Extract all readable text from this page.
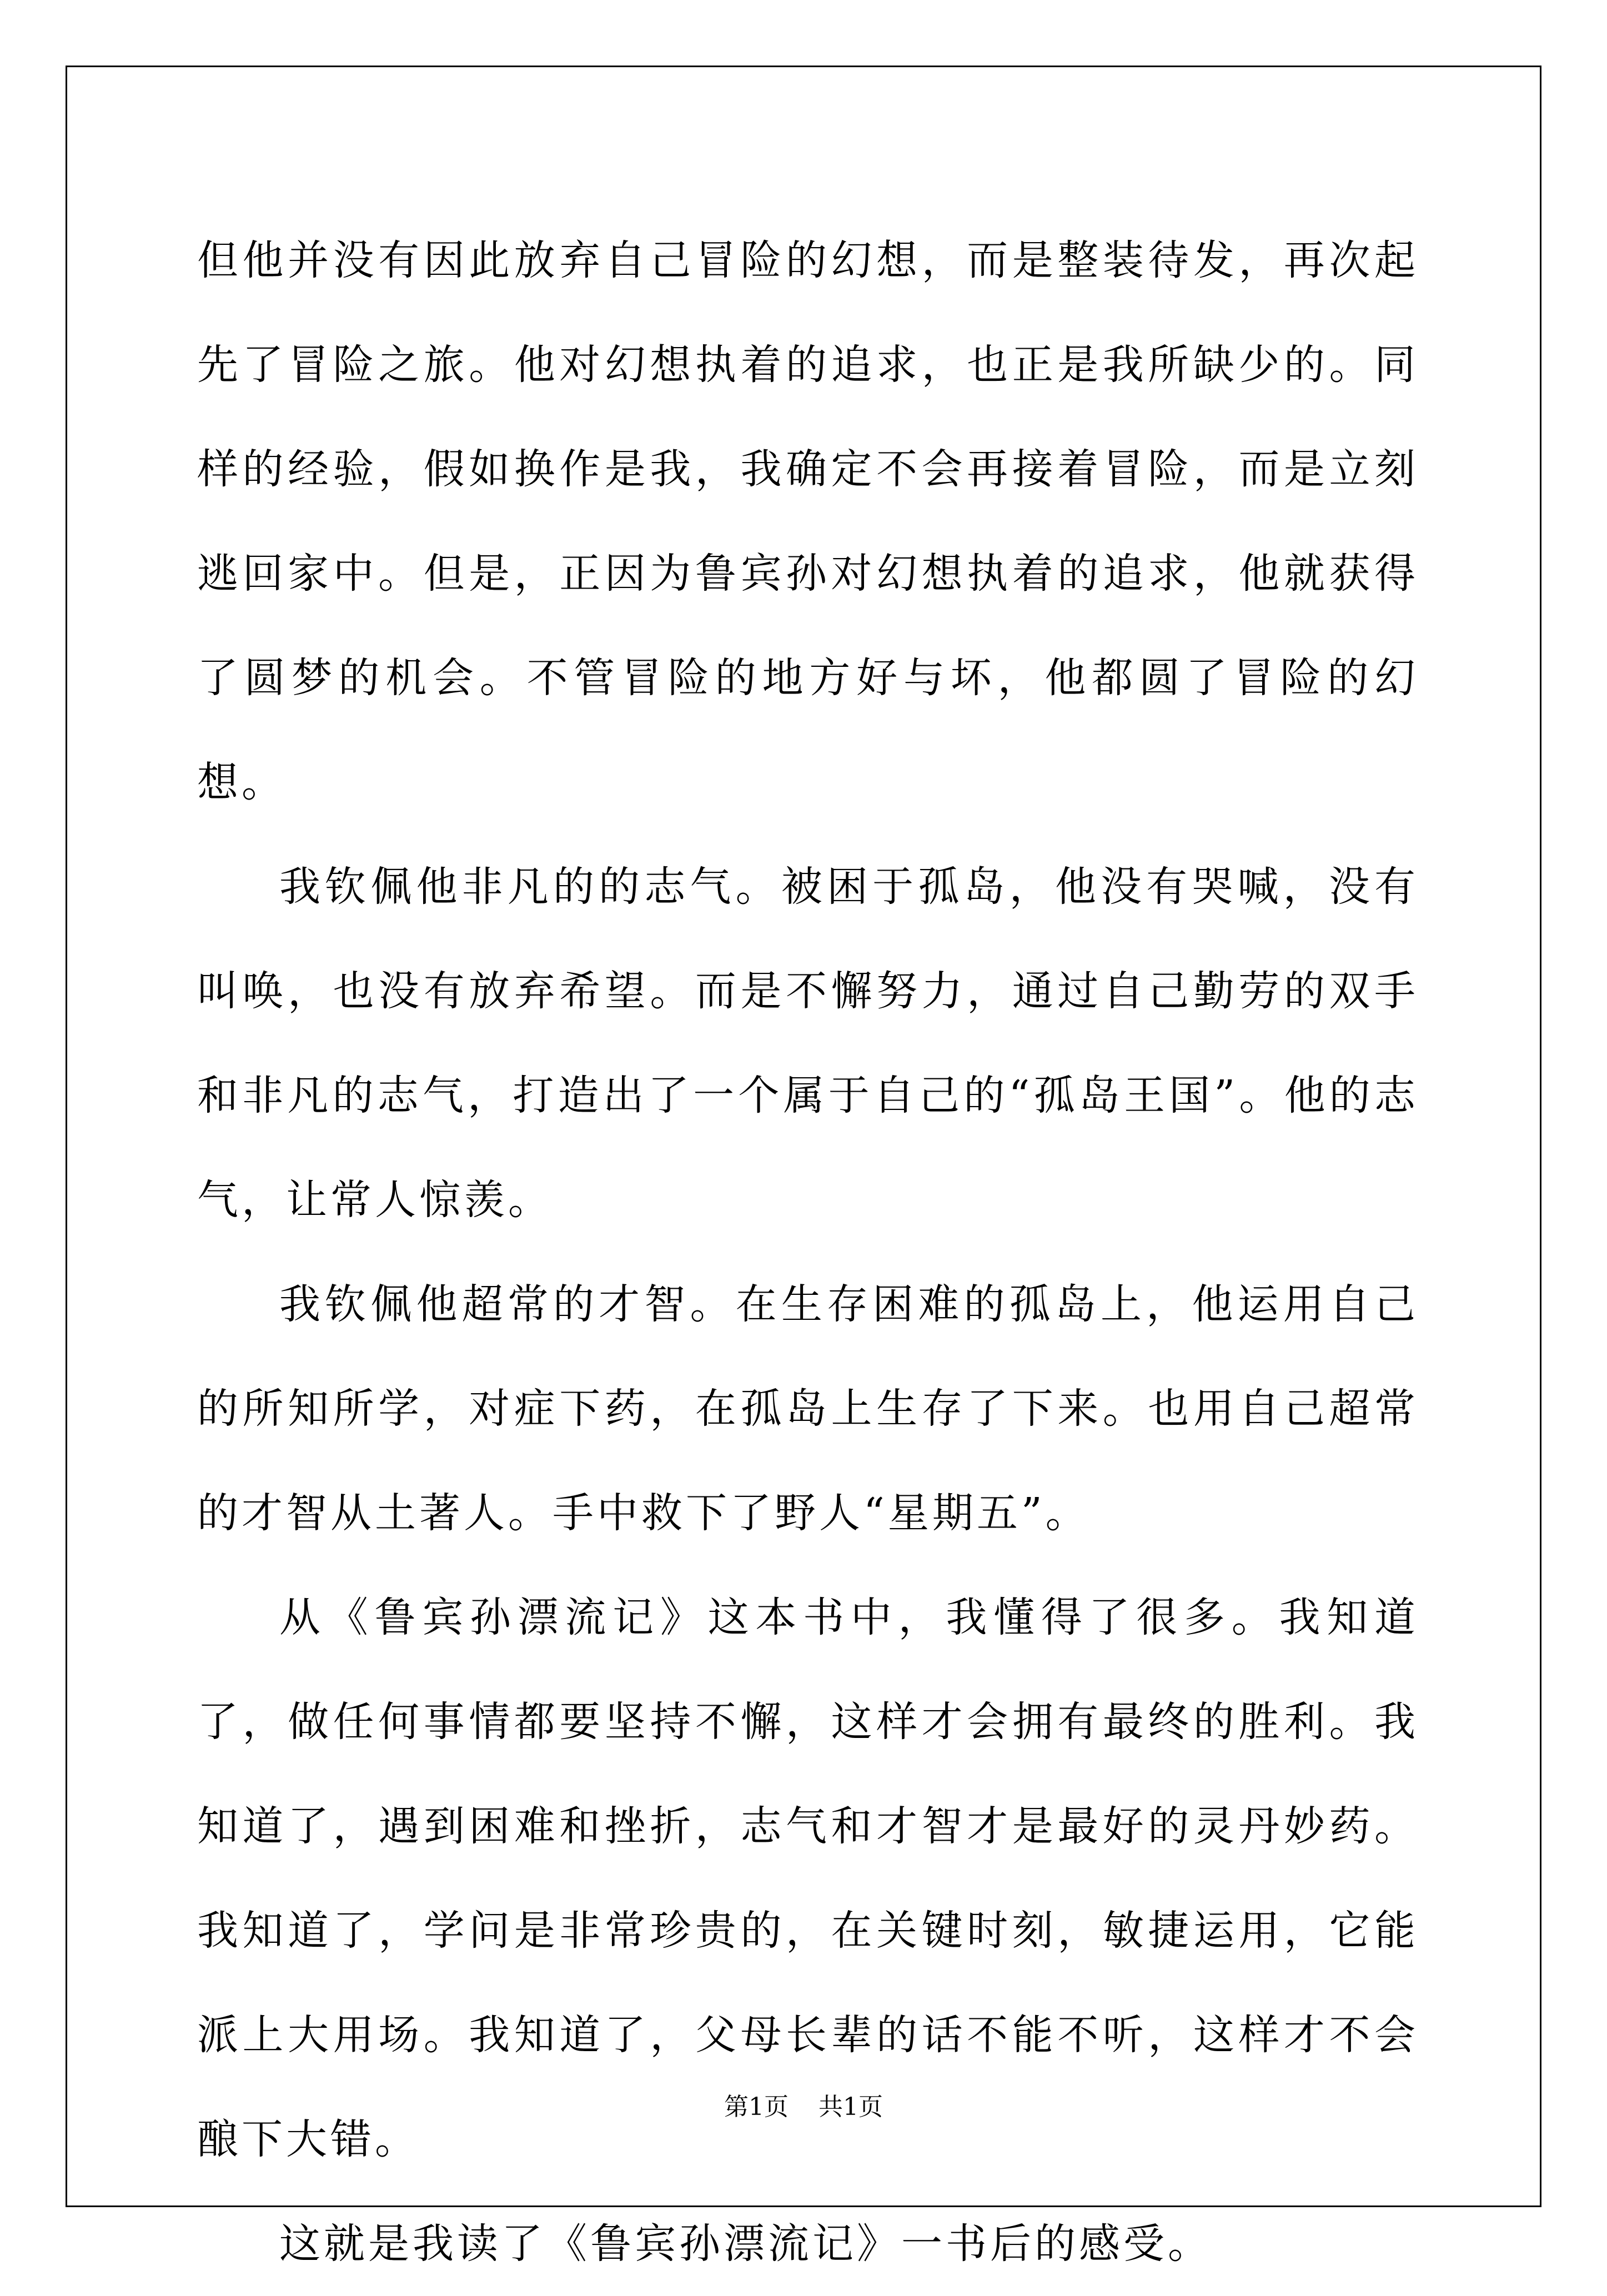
但他并没有因此放弃自己冒险的幻想，而是整装待发，再次起先了冒险之旅。他对幻想执着的追求，也正是我所缺少的。同样的经验，假如换作是我，我确定不会再接着冒险，而是立刻逃回家中。但是，正因为鲁宾孙对幻想执着的追求，他就获得了圆梦的机会。不管冒险的地方好与坏，他都圆了冒险的幻想。

我钦佩他非凡的的志气。被困于孤岛，他没有哭喊，没有叫唤，也没有放弃希望。而是不懈努力，通过自己勤劳的双手和非凡的志气，打造出了一个属于自己的“孤岛王国”。他的志气，让常人惊羡。

我钦佩他超常的才智。在生存困难的孤岛上，他运用自己的所知所学，对症下药，在孤岛上生存了下来。也用自己超常的才智从土著人。手中救下了野人“星期五”。

从《鲁宾孙漂流记》这本书中，我懂得了很多。我知道了，做任何事情都要坚持不懈，这样才会拥有最终的胜利。我知道了，遇到困难和挫折，志气和才智才是最好的灵丹妙药。我知道了，学问是非常珍贵的，在关键时刻，敏捷运用，它能派上大用场。我知道了，父母长辈的话不能不听，这样才不会酿下大错。

这就是我读了《鲁宾孙漂流记》一书后的感受。

第1页 共1页
